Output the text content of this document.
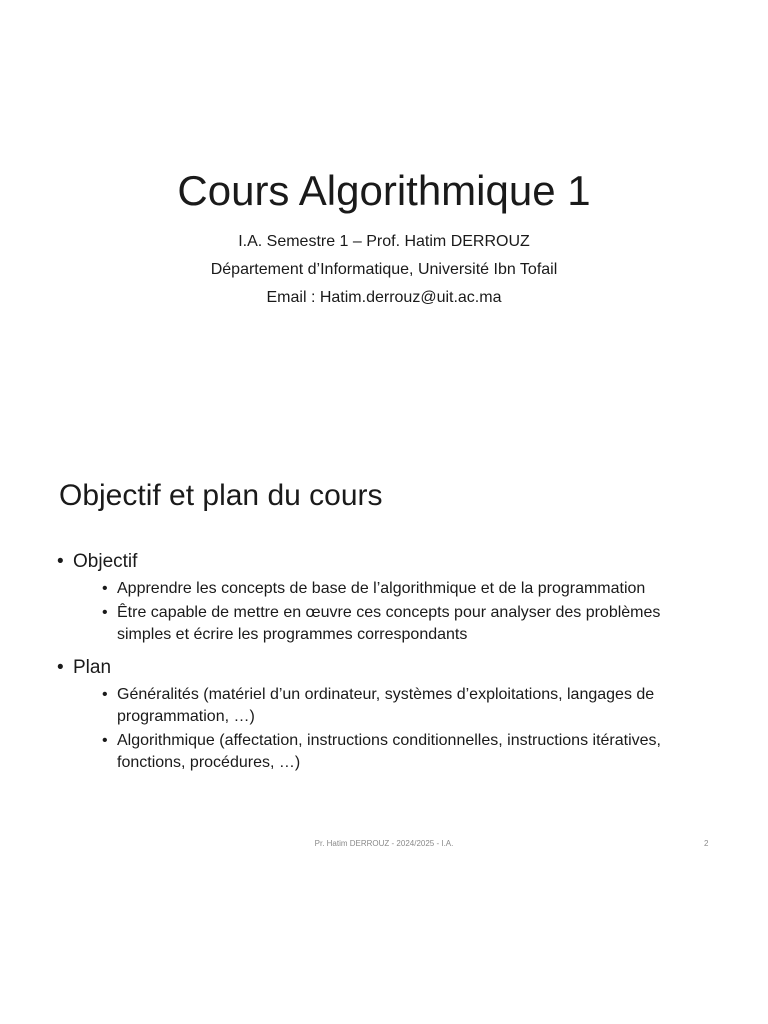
Cours Algorithmique 1
I.A. Semestre 1 – Prof. Hatim DERROUZ
Département d’Informatique, Université Ibn Tofail
Email : Hatim.derrouz@uit.ac.ma
Objectif et plan du cours
• Objectif
• Apprendre les concepts de base de l’algorithmique et de la programmation
• Être capable de mettre en œuvre ces concepts pour analyser des problèmes simples et écrire les programmes correspondants
• Plan
• Généralités (matériel d’un ordinateur, systèmes d’exploitations, langages de programmation, …)
• Algorithmique (affectation, instructions conditionnelles, instructions itératives, fonctions, procédures, …)
Pr. Hatim DERROUZ - 2024/2025 - I.A.	2
